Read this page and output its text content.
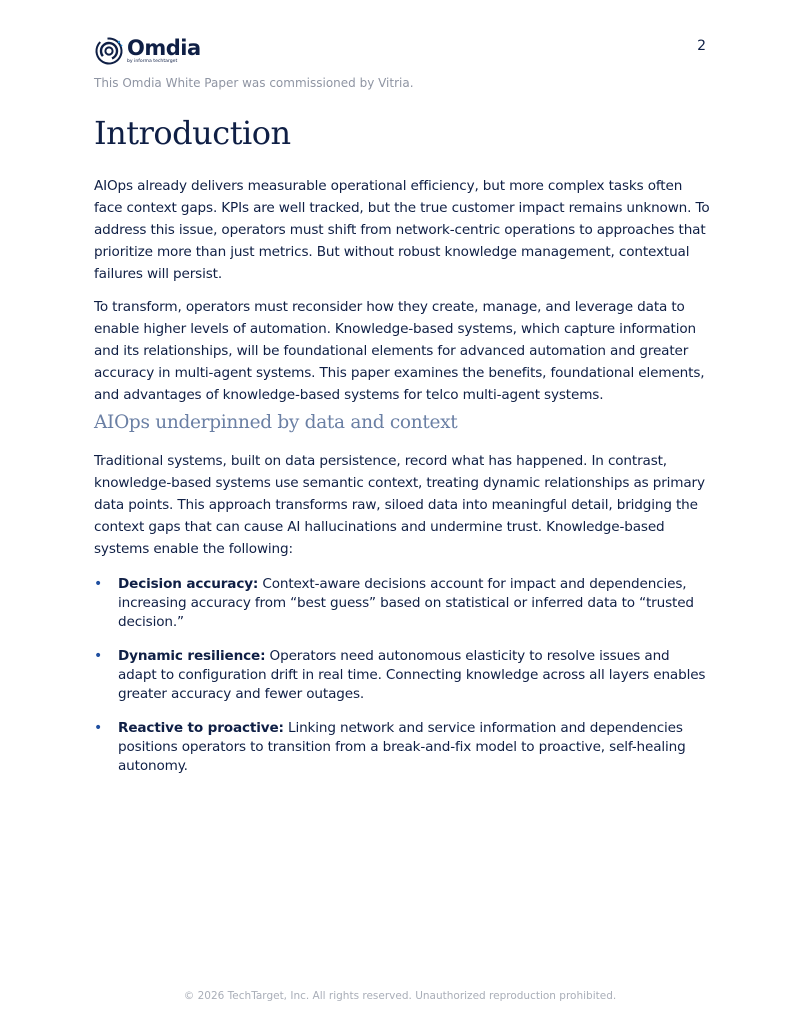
Omdia
by informa techtarget
2
This Omdia White Paper was commissioned by Vitria.
Introduction

AIOps already delivers measurable operational efficiency, but more complex tasks often face context gaps. KPIs are well tracked, but the true customer impact remains unknown. To address this issue, operators must shift from network-centric operations to approaches that prioritize more than just metrics. But without robust knowledge management, contextual failures will persist.

To transform, operators must reconsider how they create, manage, and leverage data to enable higher levels of automation. Knowledge-based systems, which capture information and its relationships, will be foundational elements for advanced automation and greater accuracy in multi-agent systems. This paper examines the benefits, foundational elements, and advantages of knowledge-based systems for telco multi-agent systems.

AIOps underpinned by data and context

Traditional systems, built on data persistence, record what has happened. In contrast, knowledge-based systems use semantic context, treating dynamic relationships as primary data points. This approach transforms raw, siloed data into meaningful detail, bridging the context gaps that can cause AI hallucinations and undermine trust. Knowledge-based systems enable the following:

• Decision accuracy: Context-aware decisions account for impact and dependencies, increasing accuracy from “best guess” based on statistical or inferred data to “trusted decision.”
• Dynamic resilience: Operators need autonomous elasticity to resolve issues and adapt to configuration drift in real time. Connecting knowledge across all layers enables greater accuracy and fewer outages.
• Reactive to proactive: Linking network and service information and dependencies positions operators to transition from a break-and-fix model to proactive, self-healing autonomy.
© 2026 TechTarget, Inc. All rights reserved. Unauthorized reproduction prohibited.
